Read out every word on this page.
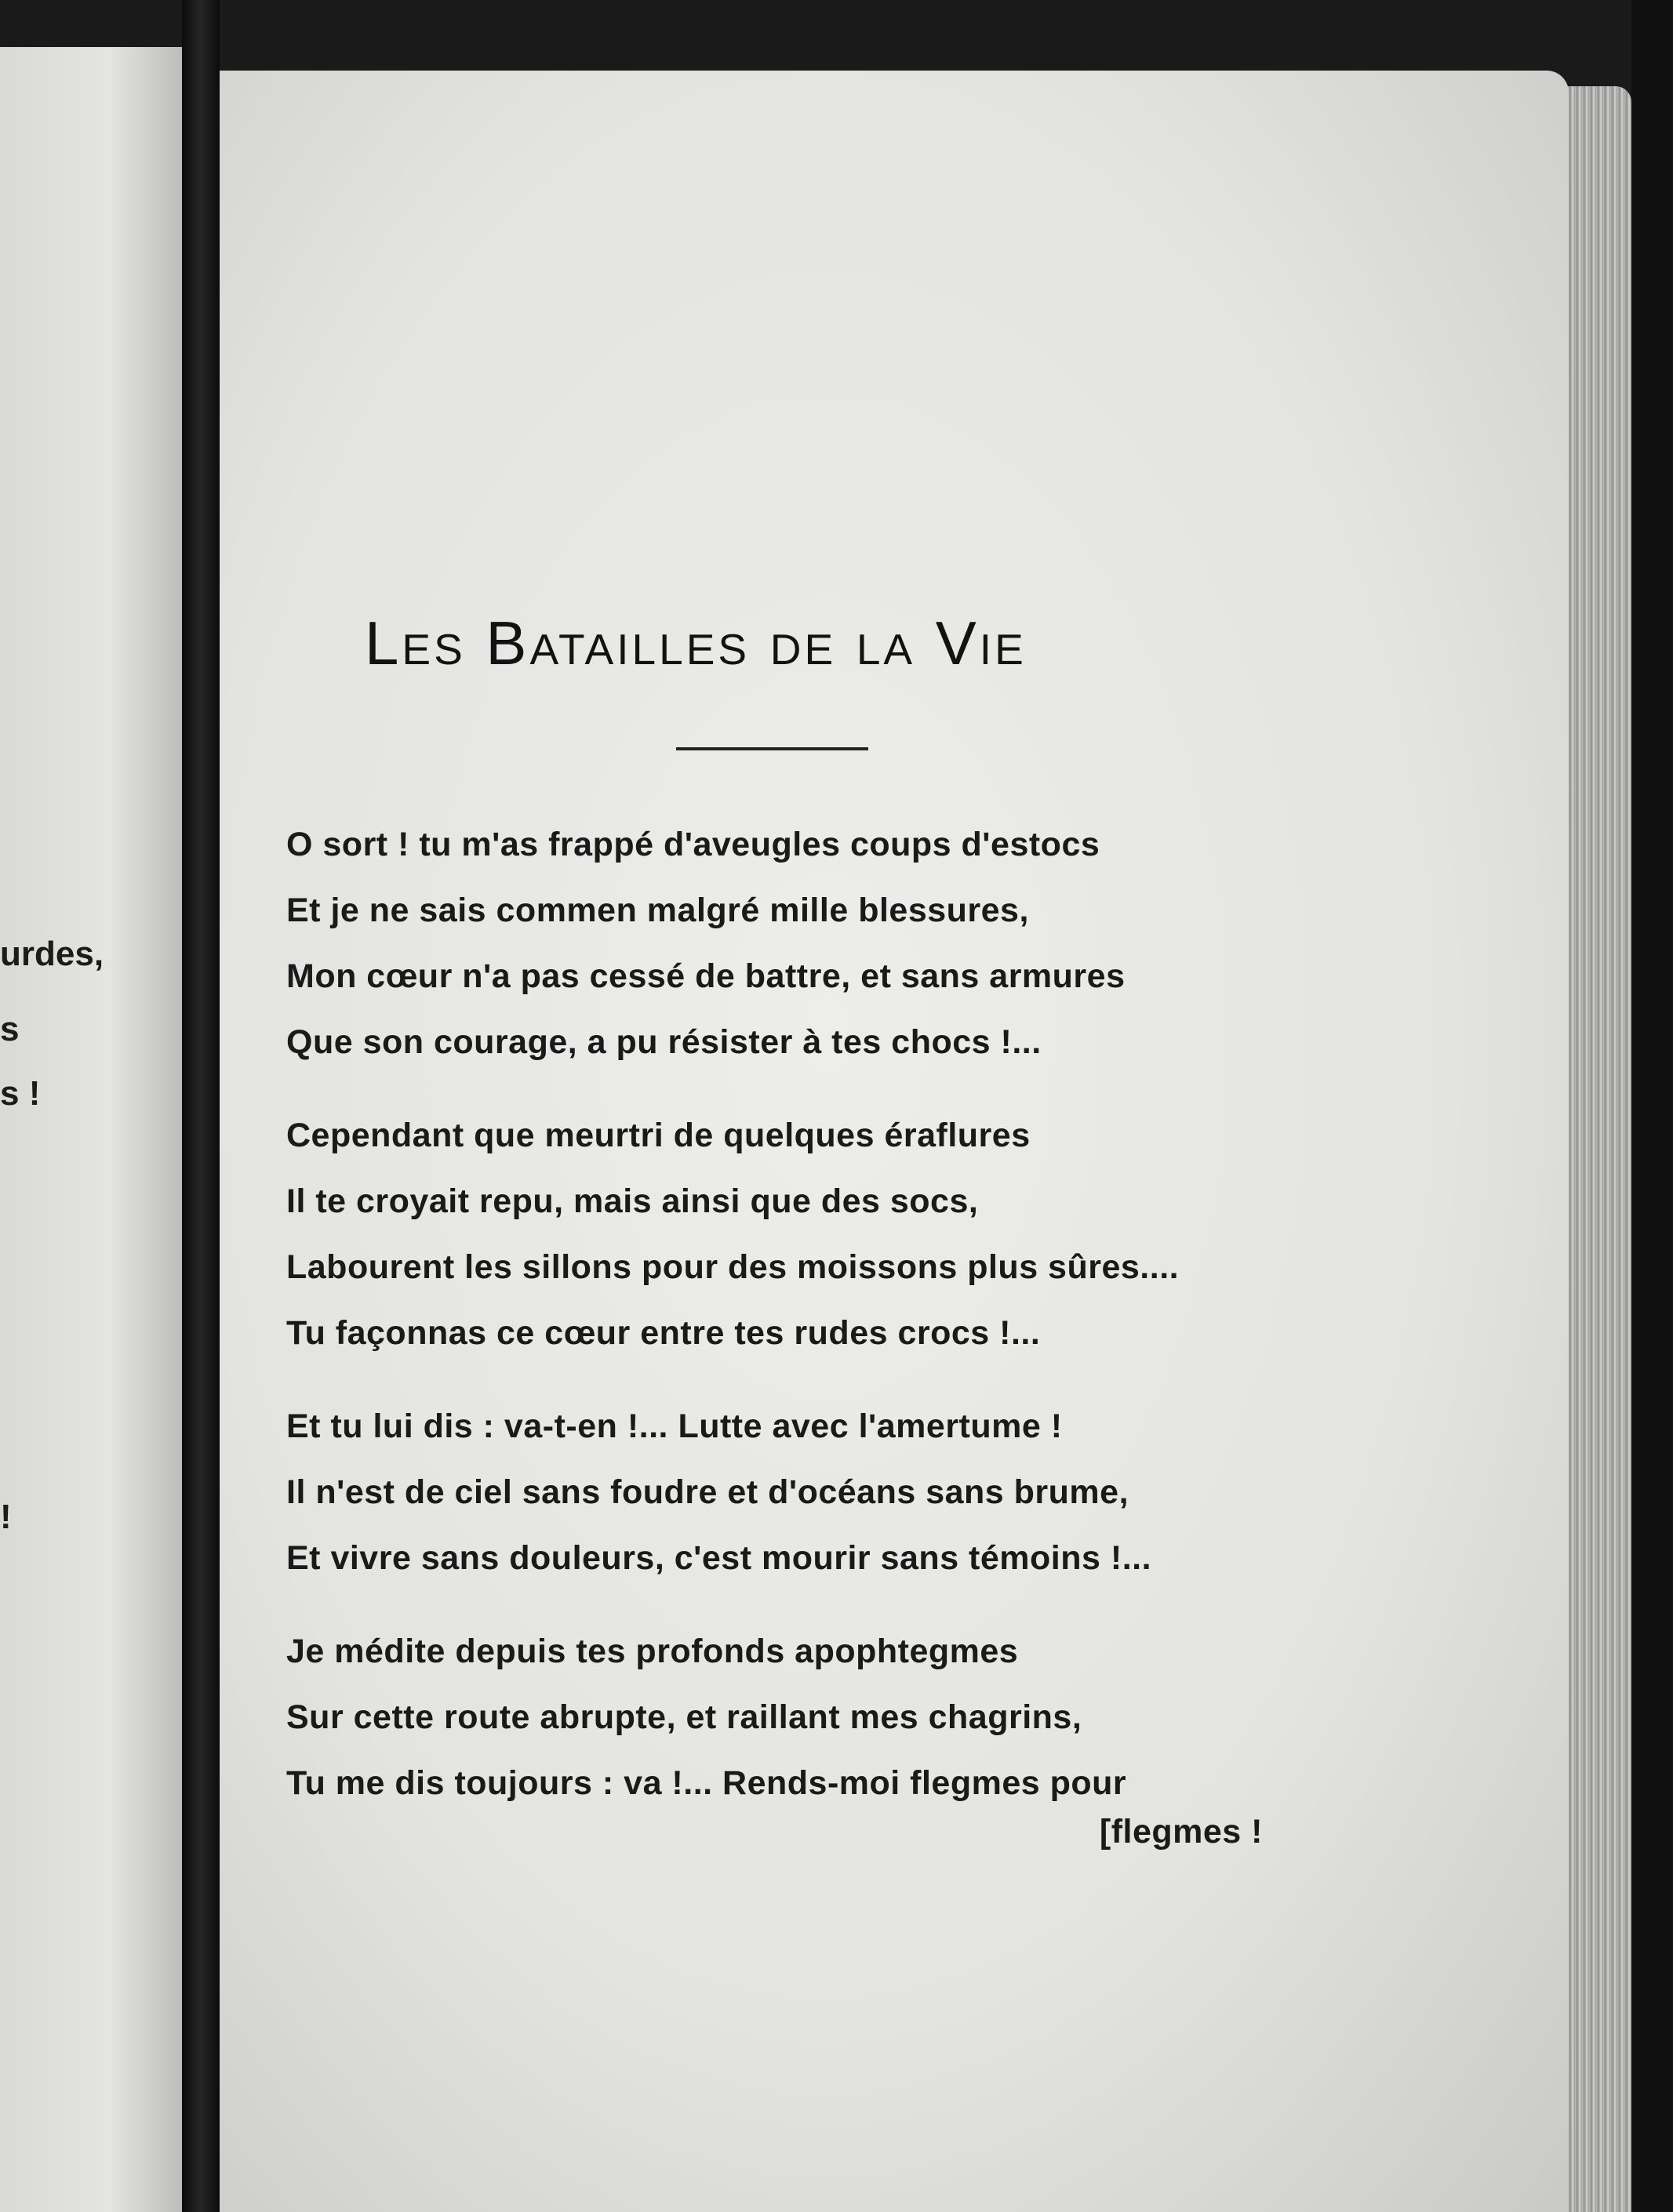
urdes,
s
s !
!
Les Batailles de la Vie
O sort ! tu m'as frappé d'aveugles coups d'estocs
Et je ne sais commen malgré mille blessures,
Mon cœur n'a pas cessé de battre, et sans armures
Que son courage, a pu résister à tes chocs !...
Cependant que meurtri de quelques éraflures
Il te croyait repu, mais ainsi que des socs,
Labourent les sillons pour des moissons plus sûres....
Tu façonnas ce cœur entre tes rudes crocs !...
Et tu lui dis : va-t-en !... Lutte avec l'amertume !
Il n'est de ciel sans foudre et d'océans sans brume,
Et vivre sans douleurs, c'est mourir sans témoins !...
Je médite depuis tes profonds apophtegmes
Sur cette route abrupte, et raillant mes chagrins,
Tu me dis toujours : va !... Rends-moi flegmes pour
[flegmes !
